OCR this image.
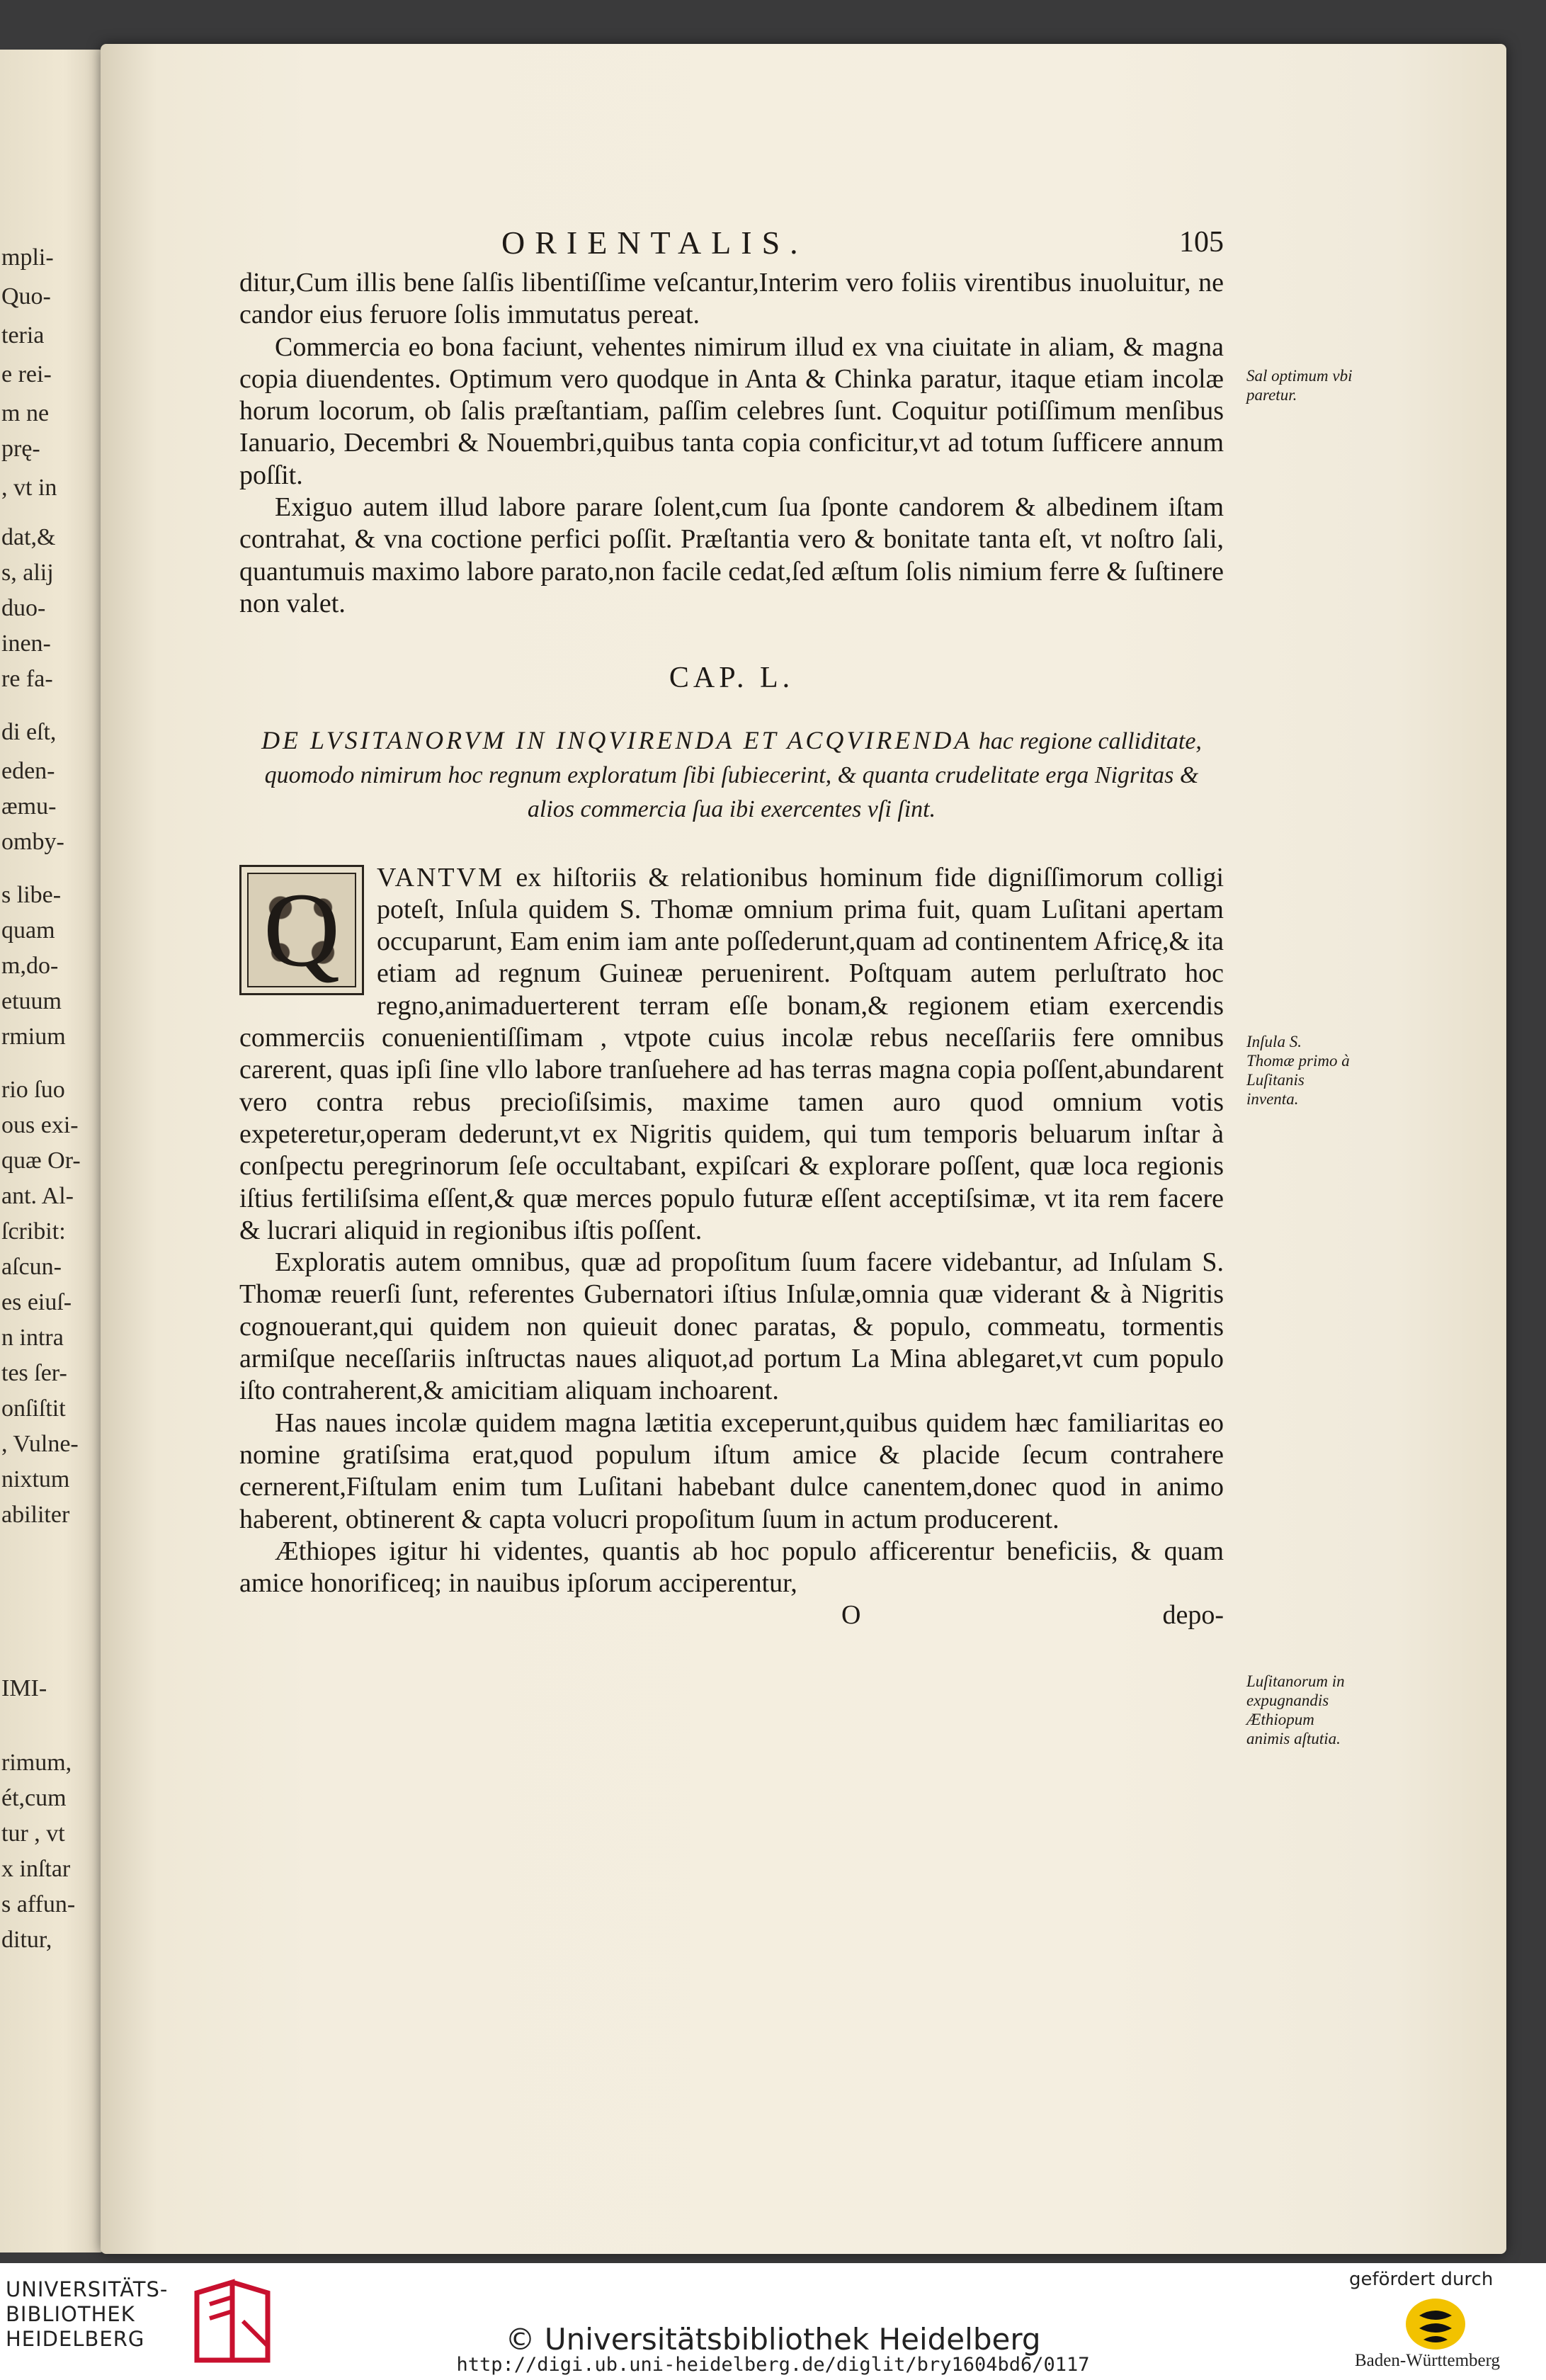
mpli-
Quo-
teria
e rei-
m ne
prę-
, vt in
dat,&
s, alij
duo-
inen-
re fa-
di eſt,
eden-
æmu-
omby-
s libe-
quam
m,do-
etuum
rmium
rio ſuo
ous exi-
quæ Or-
ant. Al-
ſcribit:
aſcun-
es eiuſ-
n intra
tes ſer-
onſiſtit
, Vulne-
nixtum
abiliter
IMI-
rimum,
ét,cum
tur , vt
x inſtar
s affun-
ditur,
ORIENTALIS.	105

ditur,Cum illis bene ſalſis libentiſſime veſcantur,Interim vero foliis virentibus inuoluitur, ne candor eius feruore ſolis immutatus pereat.

Commercia eo bona faciunt, vehentes nimirum illud ex vna ciuitate in aliam, & magna copia diuendentes. Optimum vero quodque in Anta & Chinka paratur, itaque etiam incolæ horum locorum, ob ſalis præſtantiam, paſſim celebres ſunt. Coquitur potiſſimum menſibus Ianuario, Decembri & Nouembri,quibus tanta copia conficitur,vt ad totum ſufficere annum poſſit.

Exiguo autem illud labore parare ſolent,cum ſua ſponte candorem & albedinem iſtam contrahat, & vna coctione perfici poſſit. Præſtantia vero & bonitate tanta eſt, vt noſtro ſali, quantumuis maximo labore parato,non facile cedat,ſed æſtum ſolis nimium ferre & ſuſtinere non valet.

CAP. L.
DE LVSITANORVM IN INQVIRENDA ET ACQVIRENDA hac regione calliditate, quomodo nimirum hoc regnum exploratum ſibi ſubiecerint, & quanta crudelitate erga Nigritas & alios commercia ſua ibi exercentes vſi ſint.
Q	VANTVM ex hiſtoriis & relationibus hominum fide digniſſimorum colligi poteſt, Inſula quidem S. Thomæ omnium prima fuit, quam Luſitani apertam occuparunt, Eam enim iam ante poſſederunt,quam ad continentem Africę,& ita etiam ad regnum Guineæ peruenirent. Poſtquam autem perluſtrato hoc regno,animaduerterent terram eſſe bonam,& regionem etiam exercendis commerciis conuenientiſſimam , vtpote cuius incolæ rebus neceſſariis fere omnibus carerent, quas ipſi ſine vllo labore tranſuehere ad has terras magna copia poſſent,abundarent vero contra rebus precioſiſsimis, maxime tamen auro quod omnium votis expeteretur,operam dederunt,vt ex Nigritis quidem, qui tum temporis beluarum inſtar à conſpectu peregrinorum ſeſe occultabant, expiſcari & explorare poſſent, quæ loca regionis iſtius fertiliſsima eſſent,& quæ merces populo futuræ eſſent acceptiſsimæ, vt ita rem facere & lucrari aliquid in regionibus iſtis poſſent.

Exploratis autem omnibus, quæ ad propoſitum ſuum facere videbantur, ad Inſulam S. Thomæ reuerſi ſunt, referentes Gubernatori iſtius Inſulæ,omnia quæ viderant & à Nigritis cognouerant,qui quidem non quieuit donec paratas, & populo, commeatu, tormentis armiſque neceſſariis inſtructas naues aliquot,ad portum La Mina ablegaret,vt cum populo iſto contraherent,& amicitiam aliquam inchoarent.

Has naues incolæ quidem magna lætitia exceperunt,quibus quidem hæc familiaritas eo nomine gratiſsima erat,quod populum iſtum amice & placide ſecum contrahere cernerent,Fiſtulam enim tum Luſitani habebant dulce canentem,donec quod in animo haberent, obtinerent & capta volucri propoſitum ſuum in actum producerent.

Æthiopes igitur hi videntes, quantis ab hoc populo afficerentur beneficiis, & quam amice honorificeq; in nauibus ipſorum acciperentur,

O	depo-
Sal optimum vbi paretur.
Inſula S. Thomæ primo à Luſitanis inventa.
Luſitanorum in expugnandis Æthiopum animis aſtutia.
UNIVERSITÄTS-
BIBLIOTHEK
HEIDELBERG	© Universitätsbibliothek Heidelberg
http://digi.ub.uni-heidelberg.de/diglit/bry1604bd6/0117
gefördert durch
Baden-Württemberg
